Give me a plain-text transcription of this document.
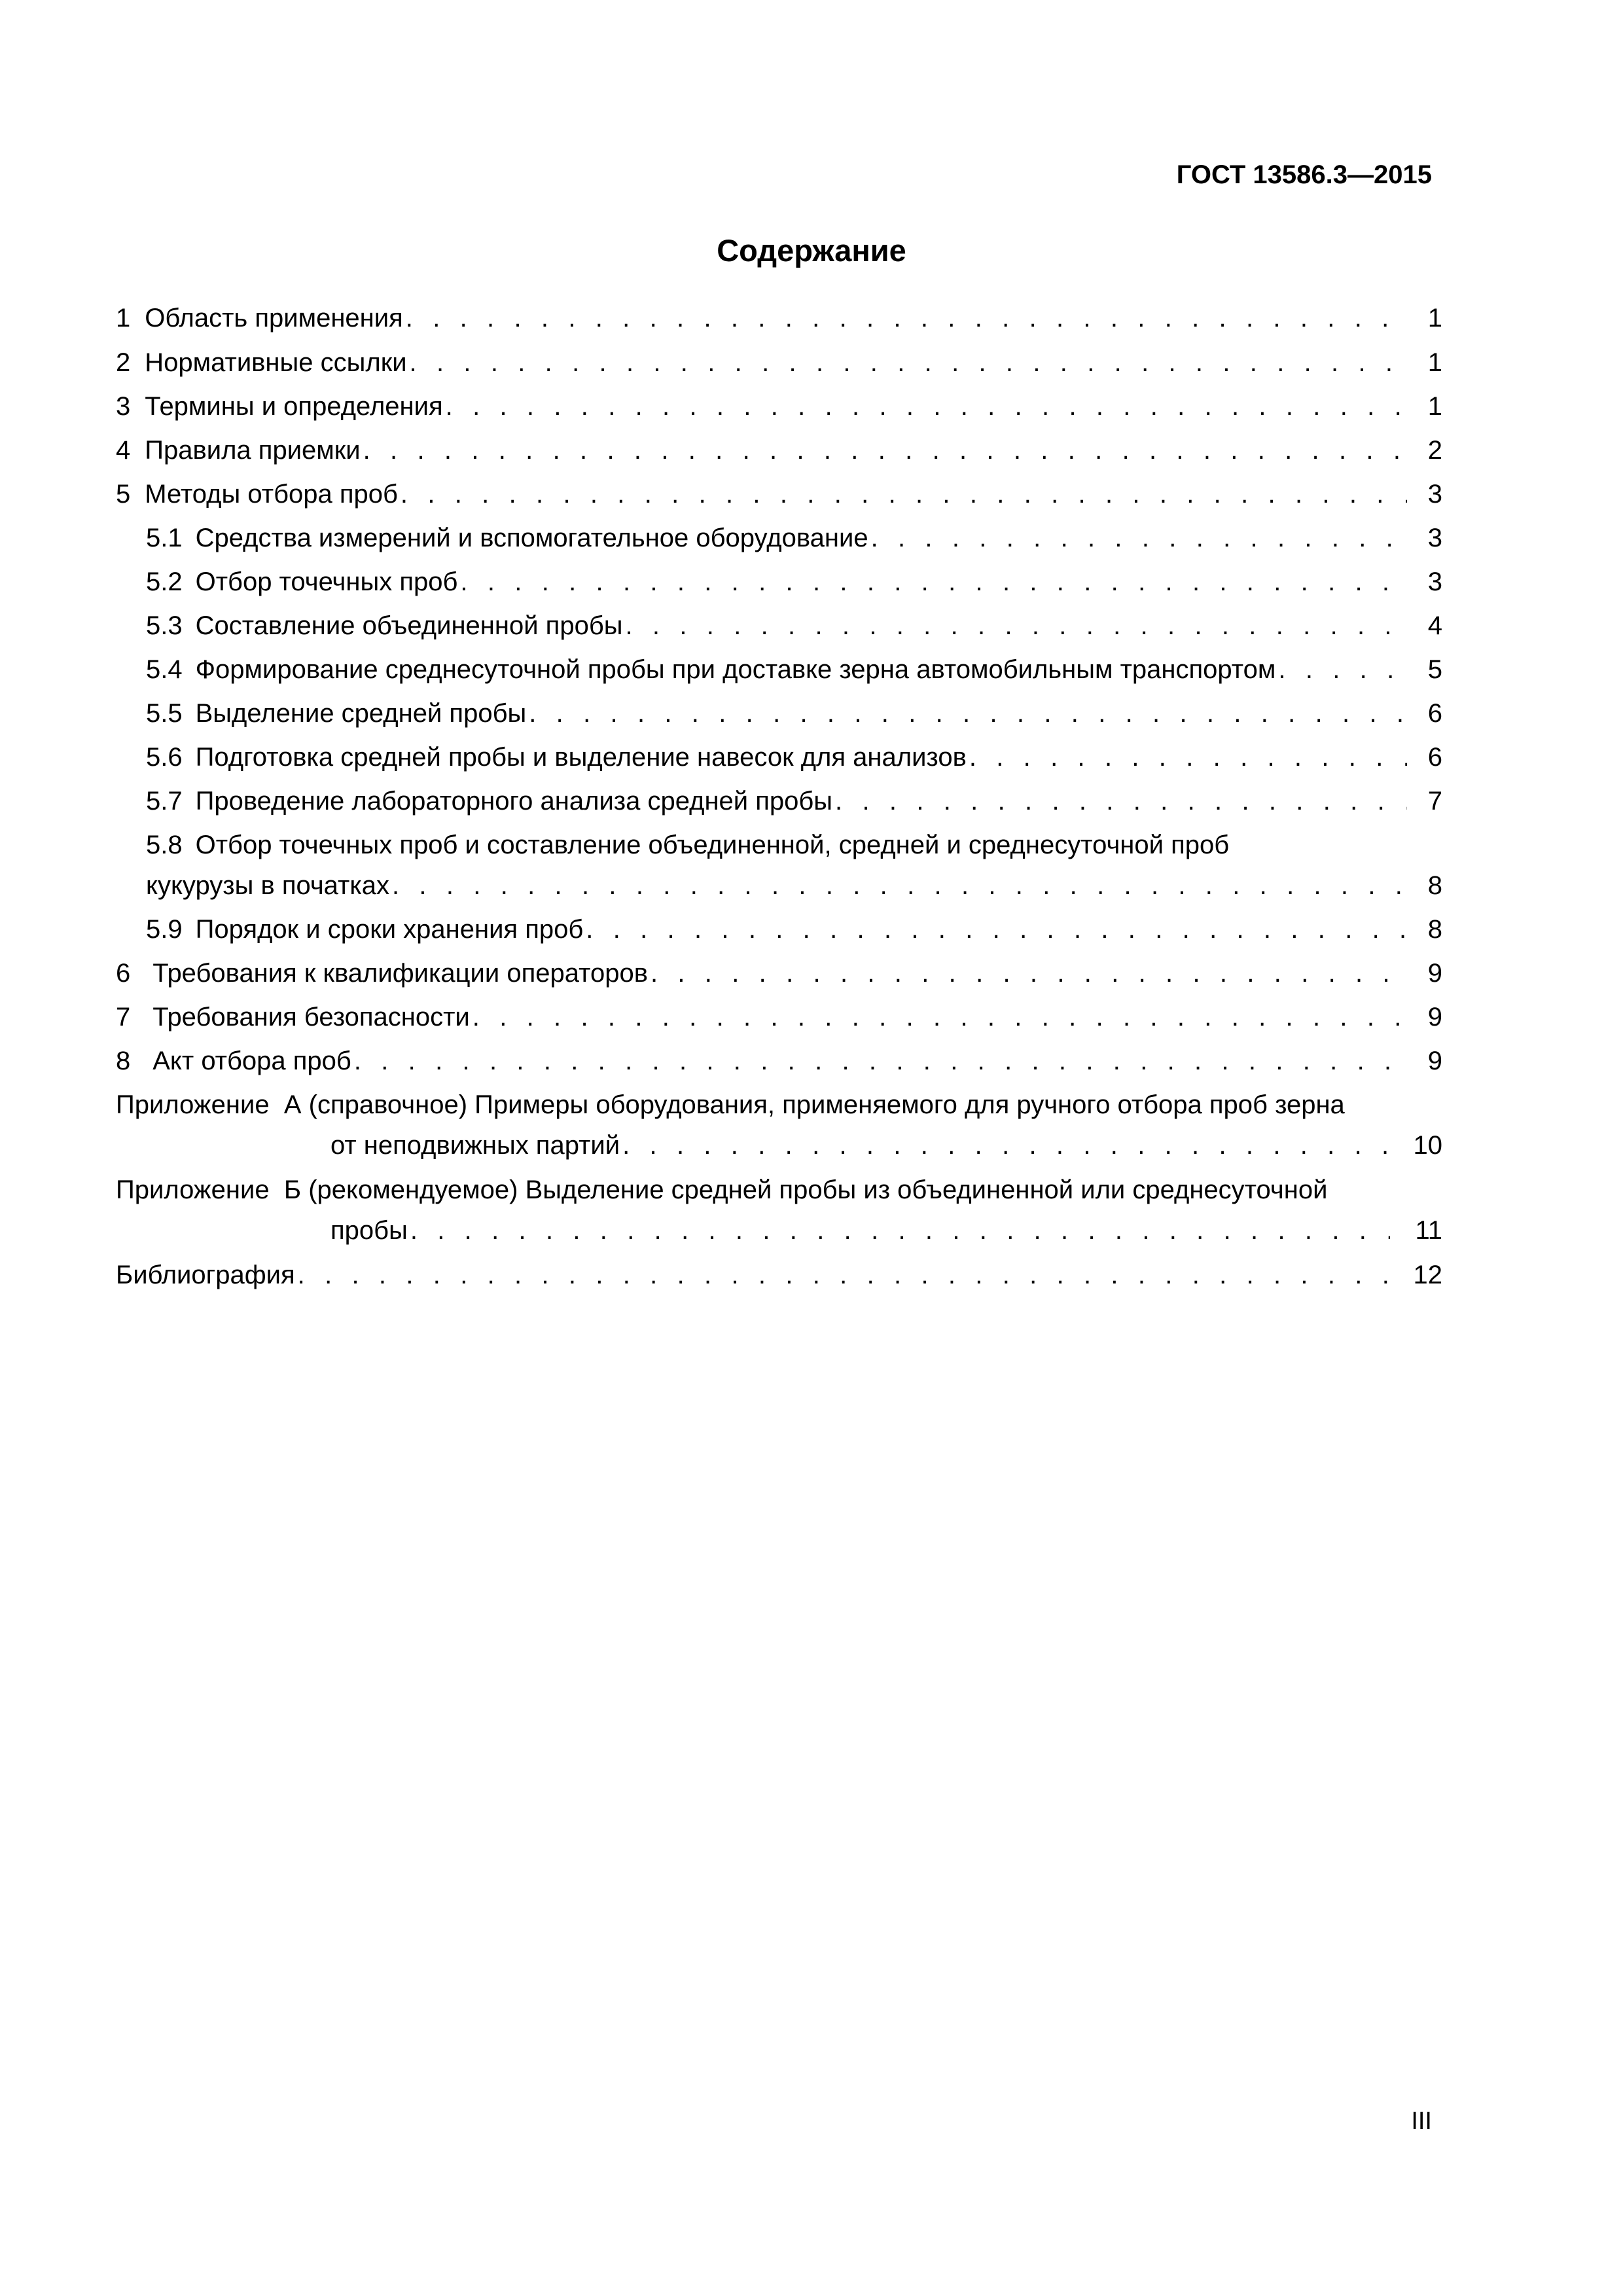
ГОСТ 13586.3—2015
Содержание
1 Область применения . . .	1
2 Нормативные ссылки . . .	1
3 Термины и определения . . .	1
4 Правила приемки . . .	2
5 Методы отбора проб . . .	3
5.1 Средства измерений и вспомогательное оборудование . . .	3
5.2 Отбор точечных проб . . .	3
5.3 Составление объединенной пробы . . .	4
5.4 Формирование среднесуточной пробы при доставке зерна автомобильным транспортом . . .	5
5.5 Выделение средней пробы . . .	6
5.6 Подготовка средней пробы и выделение навесок для анализов . . .	6
5.7 Проведение лабораторного анализа средней пробы . . .	7
5.8 Отбор точечных проб и составление объединенной, средней и среднесуточной проб
кукурузы в початках . . .	8
5.9 Порядок и сроки хранения проб . . .	8
6 Требования к квалификации операторов . . .	9
7 Требования безопасности . . .	9
8 Акт отбора проб . . .	9
Приложение  А (справочное) Примеры оборудования, применяемого для ручного отбора проб зерна
от неподвижных партий . . .	10
Приложение  Б (рекомендуемое) Выделение средней пробы из объединенной или среднесуточной
пробы . . .	11
Библиография . . .	12
III
